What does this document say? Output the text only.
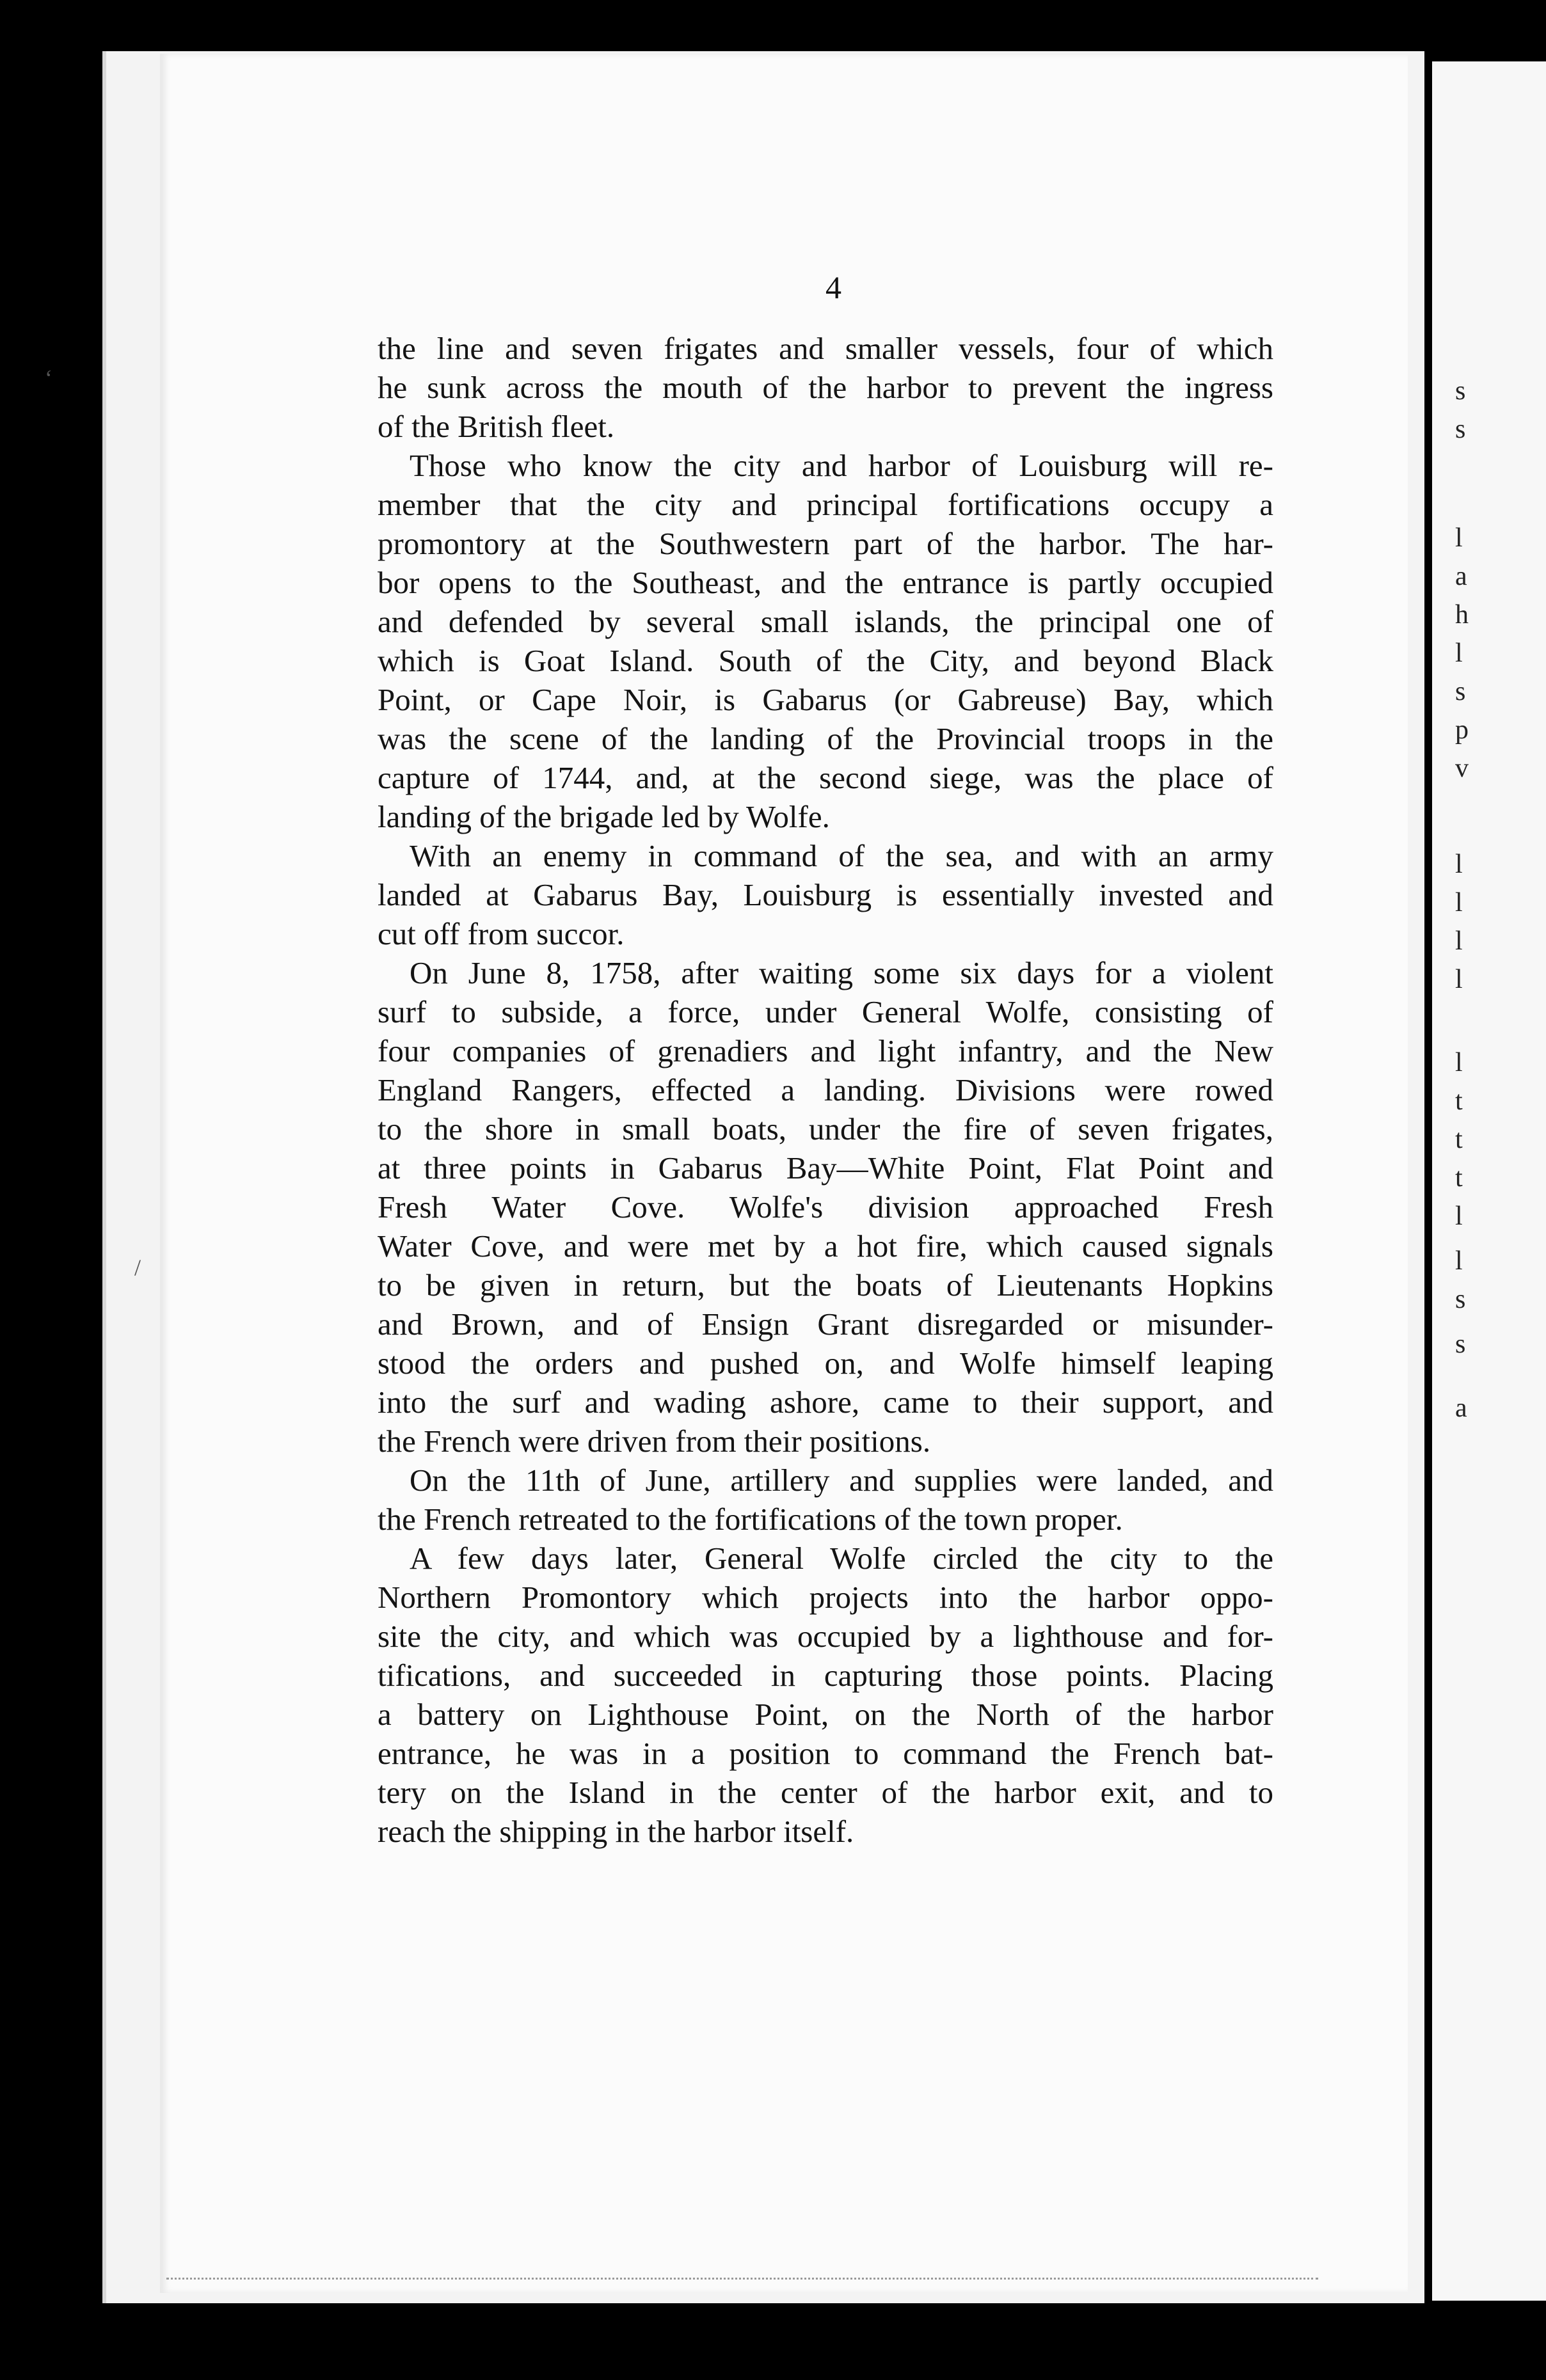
s
s
l
a
h
l
s
p
v
l
l
l
l
l
t
t
t
l
l
s
s
a
4
the line and seven frigates and smaller vessels, four of which
he sunk across the mouth of the harbor to prevent the ingress
of the British fleet.
Those who know the city and harbor of Louisburg will re-
member that the city and principal fortifications occupy a
promontory at the Southwestern part of the harbor. The har-
bor opens to the Southeast, and the entrance is partly occupied
and defended by several small islands, the principal one of
which is Goat Island. South of the City, and beyond Black
Point, or Cape Noir, is Gabarus (or Gabreuse) Bay, which
was the scene of the landing of the Provincial troops in the
capture of 1744, and, at the second siege, was the place of
landing of the brigade led by Wolfe.
With an enemy in command of the sea, and with an army
landed at Gabarus Bay, Louisburg is essentially invested and
cut off from succor.
On June 8, 1758, after waiting some six days for a violent
surf to subside, a force, under General Wolfe, consisting of
four companies of grenadiers and light infantry, and the New
England Rangers, effected a landing. Divisions were rowed
to the shore in small boats, under the fire of seven frigates,
at three points in Gabarus Bay—White Point, Flat Point and
Fresh Water Cove. Wolfe's division approached Fresh
Water Cove, and were met by a hot fire, which caused signals
to be given in return, but the boats of Lieutenants Hopkins
and Brown, and of Ensign Grant disregarded or misunder-
stood the orders and pushed on, and Wolfe himself leaping
into the surf and wading ashore, came to their support, and
the French were driven from their positions.
On the 11th of June, artillery and supplies were landed, and
the French retreated to the fortifications of the town proper.
A few days later, General Wolfe circled the city to the
Northern Promontory which projects into the harbor oppo-
site the city, and which was occupied by a lighthouse and for-
tifications, and succeeded in capturing those points. Placing
a battery on Lighthouse Point, on the North of the harbor
entrance, he was in a position to command the French bat-
tery on the Island in the center of the harbor exit, and to
reach the shipping in the harbor itself.
‘
/
